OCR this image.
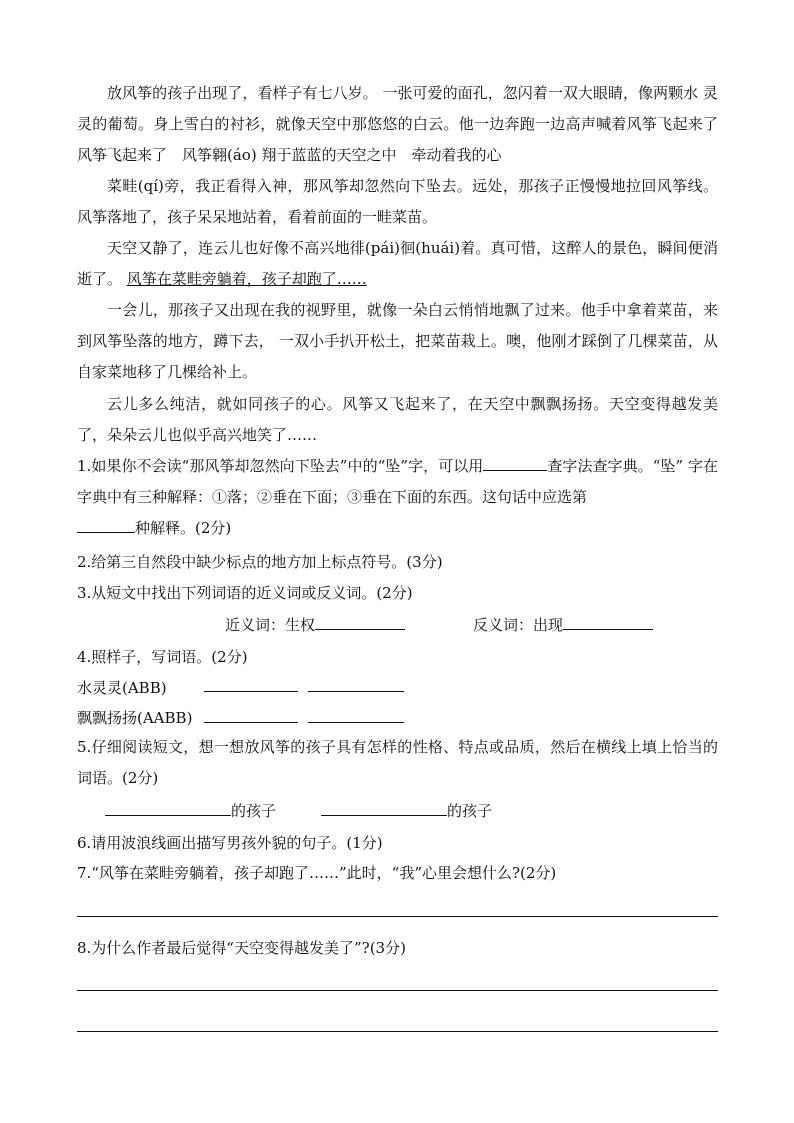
放风筝的孩子出现了，看样子有七八岁。 一张可爱的面孔，忽闪着一双大眼睛，像两颗水 灵灵的葡萄。身上雪白的衬衫，就像天空中那悠悠的白云。他一边奔跑一边高声喊着风筝飞起来了　风筝飞起来了　风筝翱(áo) 翔于蓝蓝的天空之中　牵动着我的心
菜畦(qí)旁，我正看得入神，那风筝却忽然向下坠去。远处，那孩子正慢慢地拉回风筝线。风筝落地了，孩子呆呆地站着，看着前面的一畦菜苗。
天空又静了，连云儿也好像不高兴地徘(pái)徊(huái)着。真可惜，这醉人的景色，瞬间便消逝了。 风筝在菜畦旁躺着，孩子却跑了……
一会儿，那孩子又出现在我的视野里，就像一朵白云悄悄地飘了过来。他手中拿着菜苗，来到风筝坠落的地方，蹲下去， 一双小手扒开松土，把菜苗栽上。噢，他刚才踩倒了几棵菜苗，从自家菜地移了几棵给补上。
云儿多么纯洁，就如同孩子的心。风筝又飞起来了，在天空中飘飘扬扬。天空变得越发美了，朵朵云儿也似乎高兴地笑了……
1.如果你不会读“那风筝却忽然向下坠去”中的“坠”字，可以用	查字法查字典。“坠” 字在字典中有三种解释：①落；②垂在下面；③垂在下面的东西。这句话中应选第
种解释。(2分)
2.给第三自然段中缺少标点的地方加上标点符号。(3分)
3.从短文中找出下列词语的近义词或反义词。(2分)
近义词：生权	反义词：出现
4.照样子，写词语。(2分)
水灵灵(ABB)
飘飘扬扬(AABB)
5.仔细阅读短文，想一想放风筝的孩子具有怎样的性格、特点或品质，然后在横线上填上恰当的词语。(2分)
的孩子	的孩子
6.请用波浪线画出描写男孩外貌的句子。(1分)
7.“风筝在菜畦旁躺着，孩子却跑了……”此时，“我”心里会想什么?(2分)
8.为什么作者最后觉得“天空变得越发美了”?(3分)
